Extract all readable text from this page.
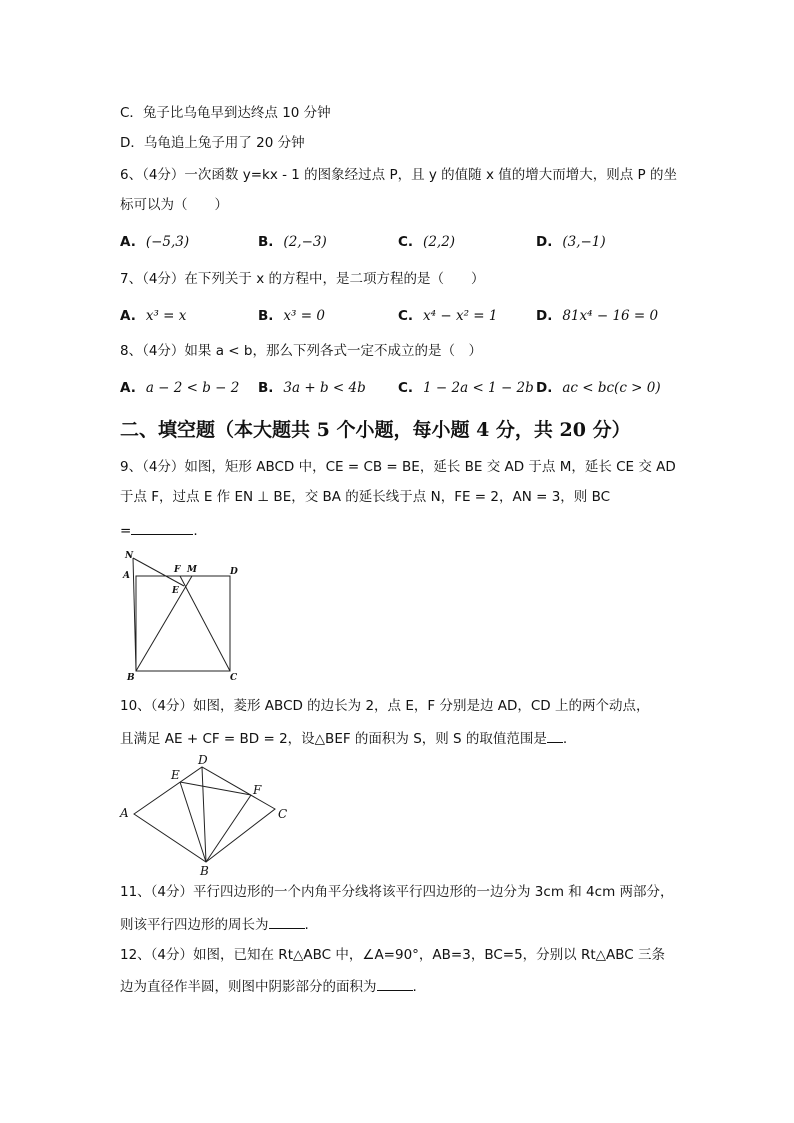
C．兔子比乌龟早到达终点 10 分钟
D．乌龟追上兔子用了 20 分钟
6、（4分）一次函数 y=kx - 1 的图象经过点 P，且 y 的值随 x 值的增大而增大，则点 P 的坐
标可以为（　　）
A. (−5,3)	B. (2,−3)	C. (2,2)	D. (3,−1)
7、（4分）在下列关于 x 的方程中，是二项方程的是（　　）
A. x³ = x	B. x³ = 0	C. x⁴ − x² = 1	D. 81x⁴ − 16 = 0
8、（4分）如果 a < b，那么下列各式一定不成立的是（　）
A. a − 2 < b − 2 B. 3a + b < 4b C. 1 − 2a < 1 − 2b D. ac < bc(c > 0)
二、填空题（本大题共 5 个小题，每小题 4 分，共 20 分）
9、（4分）如图，矩形 ABCD 中，CE = CB = BE，延长 BE 交 AD 于点 M，延长 CE 交 AD
于点 F，过点 E 作 EN ⊥ BE，交 BA 的延长线于点 N，FE = 2，AN = 3，则 BC
=	.
N
A
F M	D
E
B	C
10、（4分）如图，菱形 ABCD 的边长为 2，点 E，F 分别是边 AD，CD 上的两个动点，
且满足 AE + CF = BD = 2，设△BEF 的面积为 S，则 S 的取值范围是 .
A
D
E
F
C
B
11、（4分）平行四边形的一个内角平分线将该平行四边形的一边分为 3cm 和 4cm 两部分，
则该平行四边形的周长为	.
12、（4分）如图，已知在 Rt△ABC 中，∠A=90°，AB=3，BC=5，分别以 Rt△ABC 三条
边为直径作半圆，则图中阴影部分的面积为	.
